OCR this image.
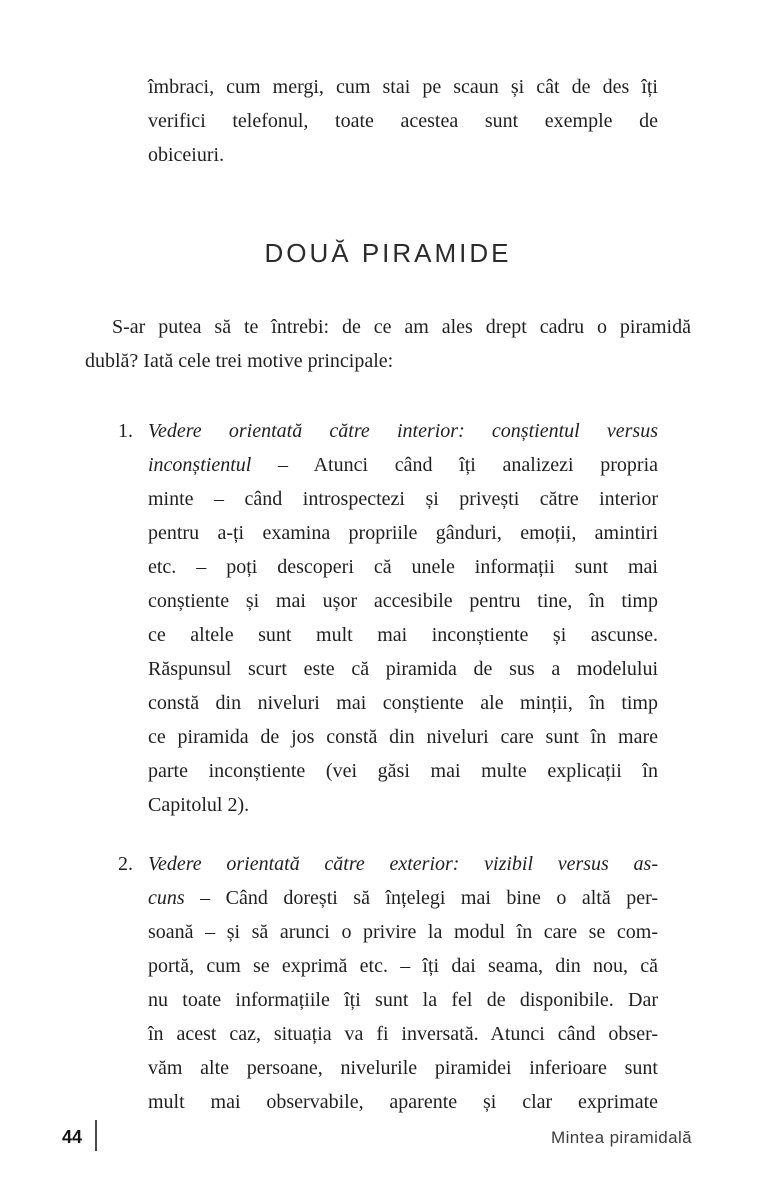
îmbraci, cum mergi, cum stai pe scaun și cât de des îți
verifici telefonul, toate acestea sunt exemple de
obiceiuri.
DOUĂ PIRAMIDE
S-ar putea să te întrebi: de ce am ales drept cadru o piramidă
dublă? Iată cele trei motive principale:
1. Vedere orientată către interior: conștientul versus
inconștientul – Atunci când îți analizezi propria
minte – când introspectezi și privești către interior
pentru a-ți examina propriile gânduri, emoții, amintiri
etc. – poți descoperi că unele informații sunt mai
conștiente și mai ușor accesibile pentru tine, în timp
ce altele sunt mult mai inconștiente și ascunse.
Răspunsul scurt este că piramida de sus a modelului
constă din niveluri mai conștiente ale minții, în timp
ce piramida de jos constă din niveluri care sunt în mare
parte inconștiente (vei găsi mai multe explicații în
Capitolul 2).
2. Vedere orientată către exterior: vizibil versus as-
cuns – Când dorești să înțelegi mai bine o altă per-
soană – și să arunci o privire la modul în care se com-
portă, cum se exprimă etc. – îți dai seama, din nou, că
nu toate informațiile îți sunt la fel de disponibile. Dar
în acest caz, situația va fi inversată. Atunci când obser-
văm alte persoane, nivelurile piramidei inferioare sunt
mult mai observabile, aparente și clar exprimate
44	Mintea piramidală
